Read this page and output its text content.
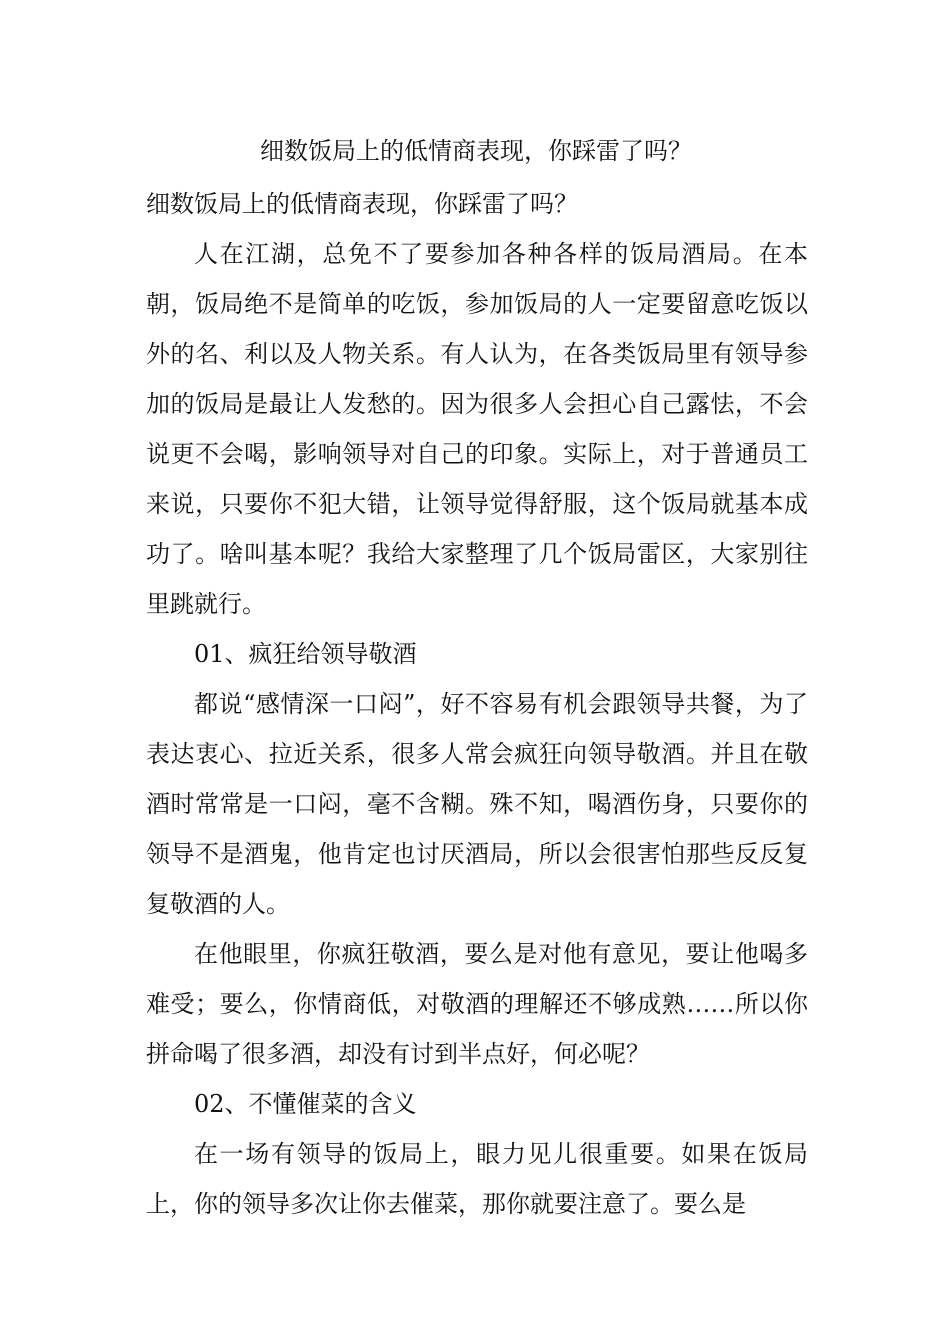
细数饭局上的低情商表现，你踩雷了吗？

细数饭局上的低情商表现，你踩雷了吗？

人在江湖，总免不了要参加各种各样的饭局酒局。在本朝，饭局绝不是简单的吃饭，参加饭局的人一定要留意吃饭以外的名、利以及人物关系。有人认为，在各类饭局里有领导参加的饭局是最让人发愁的。因为很多人会担心自己露怯，不会说更不会喝，影响领导对自己的印象。实际上，对于普通员工来说，只要你不犯大错，让领导觉得舒服，这个饭局就基本成功了。啥叫基本呢？我给大家整理了几个饭局雷区，大家别往里跳就行。

01、疯狂给领导敬酒

都说“感情深一口闷”，好不容易有机会跟领导共餐，为了表达衷心、拉近关系，很多人常会疯狂向领导敬酒。并且在敬酒时常常是一口闷，毫不含糊。殊不知，喝酒伤身，只要你的领导不是酒鬼，他肯定也讨厌酒局，所以会很害怕那些反反复复敬酒的人。

在他眼里，你疯狂敬酒，要么是对他有意见，要让他喝多难受；要么，你情商低，对敬酒的理解还不够成熟……所以你拼命喝了很多酒，却没有讨到半点好，何必呢？

02、不懂催菜的含义

在一场有领导的饭局上，眼力见儿很重要。如果在饭局上，你的领导多次让你去催菜，那你就要注意了。要么是
